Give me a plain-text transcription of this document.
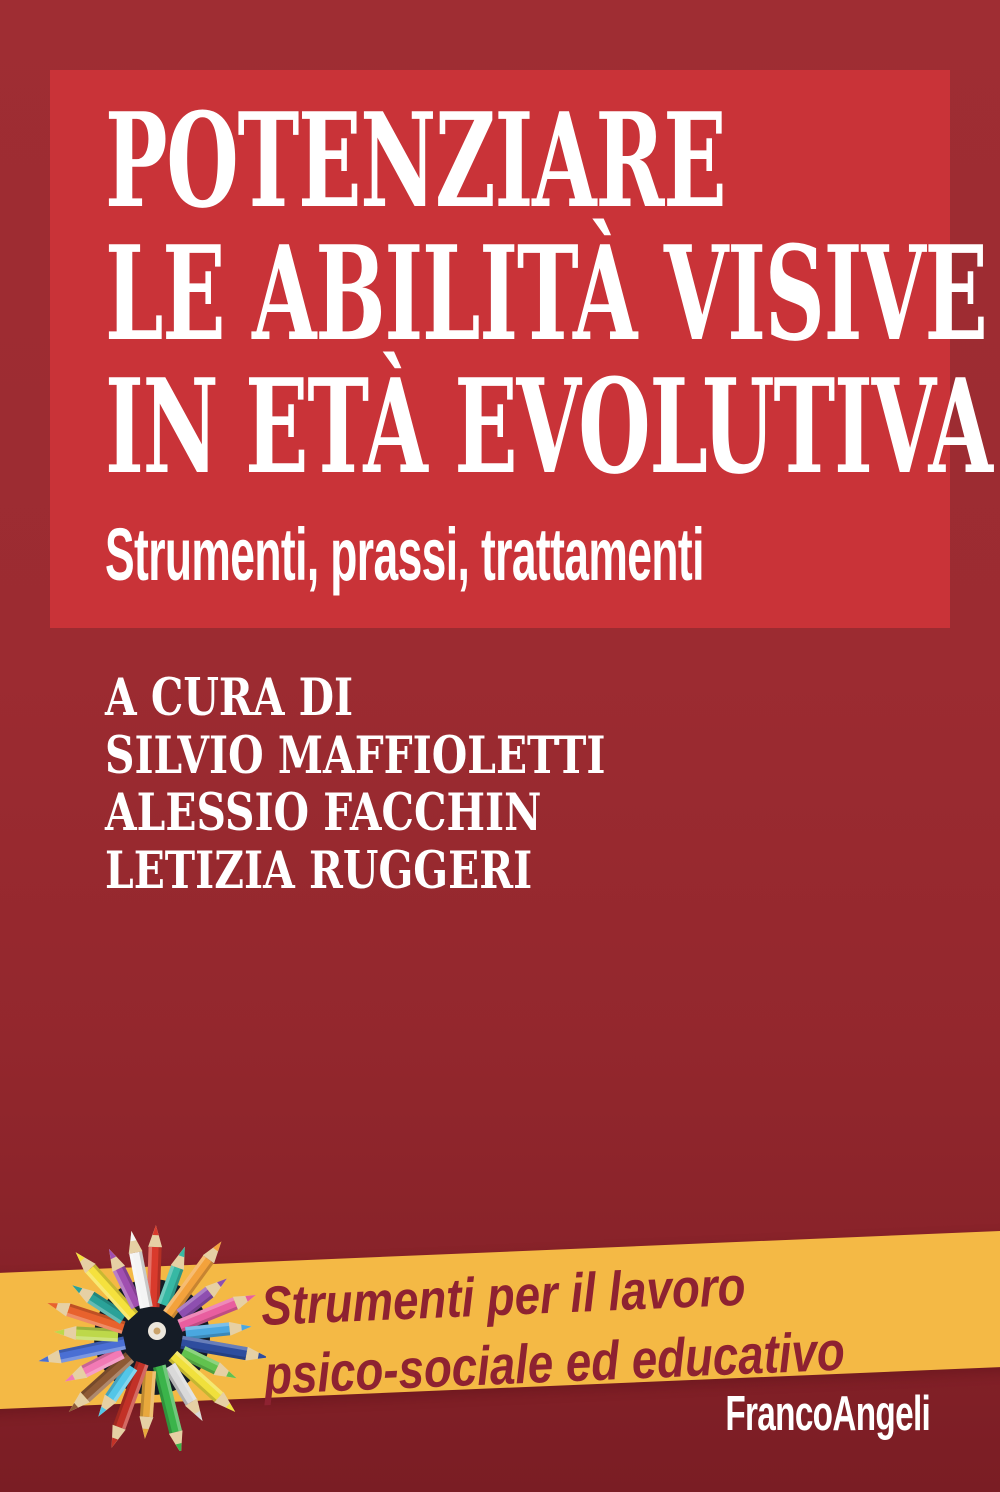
POTENZIARE
LE ABILITÀ VISIVE
IN ETÀ EVOLUTIVA
Strumenti, prassi, trattamenti
A CURA DI
SILVIO MAFFIOLETTI
ALESSIO FACCHIN
LETIZIA RUGGERI
Strumenti per il lavoro
psico-sociale ed educativo
FrancoAngeli
